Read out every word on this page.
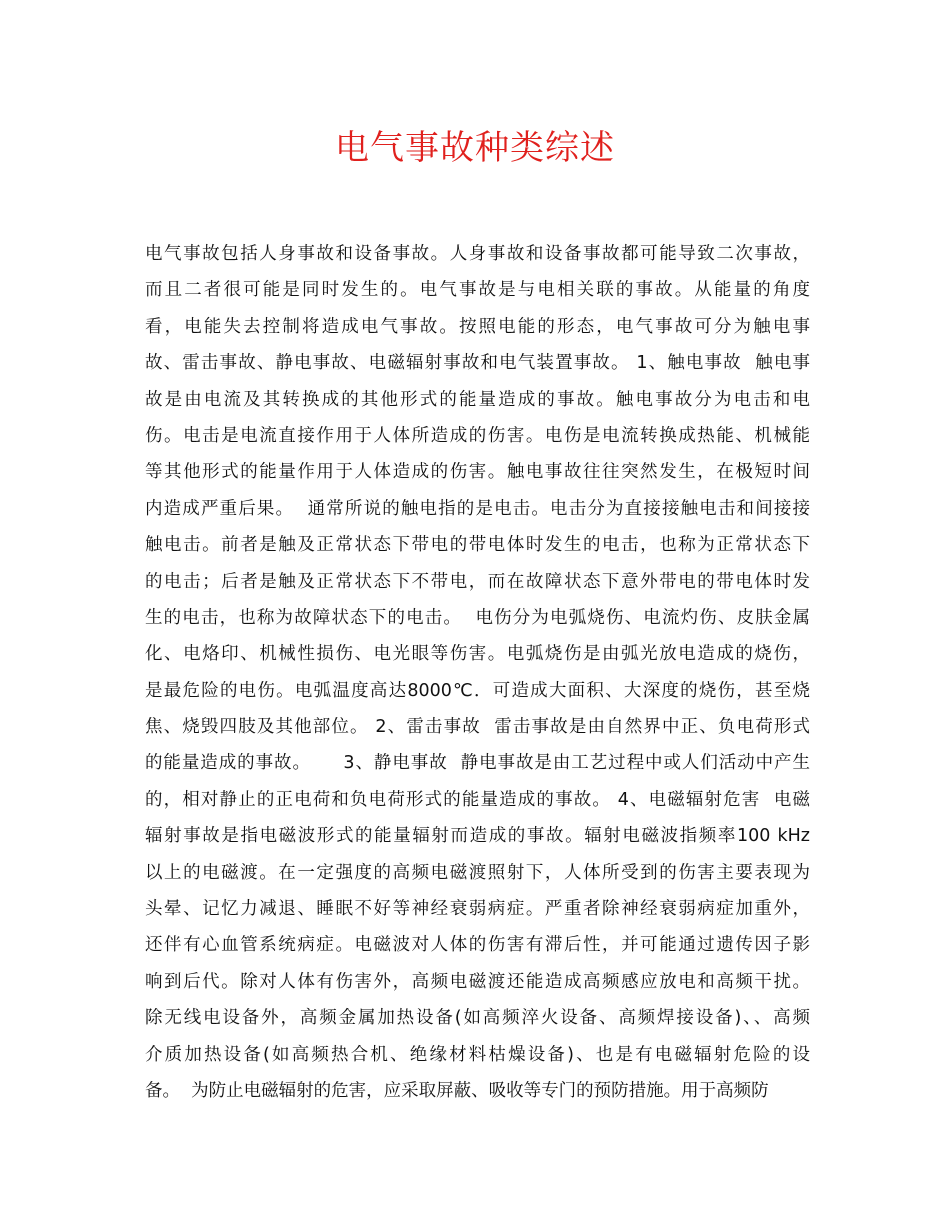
电气事故种类综述
电气事故包括人身事故和设备事故。人身事故和设备事故都可能导致二次事故，
而且二者很可能是同时发生的。电气事故是与电相关联的事故。从能量的角度
看，电能失去控制将造成电气事故。按照电能的形态，电气事故可分为触电事
故、雷击事故、静电事故、电磁辐射事故和电气装置事故。 1、触电事故  触电事
故是由电流及其转换成的其他形式的能量造成的事故。触电事故分为电击和电
伤。电击是电流直接作用于人体所造成的伤害。电伤是电流转换成热能、机械能
等其他形式的能量作用于人体造成的伤害。触电事故往往突然发生，在极短时间
内造成严重后果。  通常所说的触电指的是电击。电击分为直接接触电击和间接接
触电击。前者是触及正常状态下带电的带电体时发生的电击，也称为正常状态下
的电击；后者是触及正常状态下不带电，而在故障状态下意外带电的带电体时发
生的电击，也称为故障状态下的电击。  电伤分为电弧烧伤、电流灼伤、皮肤金属
化、电烙印、机械性损伤、电光眼等伤害。电弧烧伤是由弧光放电造成的烧伤，
是最危险的电伤。电弧温度高达8000℃．可造成大面积、大深度的烧伤，甚至烧
焦、烧毁四肢及其他部位。 2、雷击事故  雷击事故是由自然界中正、负电荷形式
的能量造成的事故。     3、静电事故  静电事故是由工艺过程中或人们活动中产生
的，相对静止的正电荷和负电荷形式的能量造成的事故。 4、电磁辐射危害  电磁
辐射事故是指电磁波形式的能量辐射而造成的事故。辐射电磁波指频率100 kHz
以上的电磁渡。在一定强度的高频电磁渡照射下，人体所受到的伤害主要表现为
头晕、记忆力减退、睡眠不好等神经衰弱病症。严重者除神经衰弱病症加重外，
还伴有心血管系统病症。电磁波对人体的伤害有滞后性，并可能通过遗传因子影
响到后代。除对人体有伤害外，高频电磁渡还能造成高频感应放电和高频干扰。
除无线电设备外，高频金属加热设备(如高频淬火设备、高频焊接设备)、、高频
介质加热设备(如高频热合机、绝缘材料枯燥设备)、也是有电磁辐射危险的设
备。  为防止电磁辐射的危害，应采取屏蔽、吸收等专门的预防措施。用于高频防
